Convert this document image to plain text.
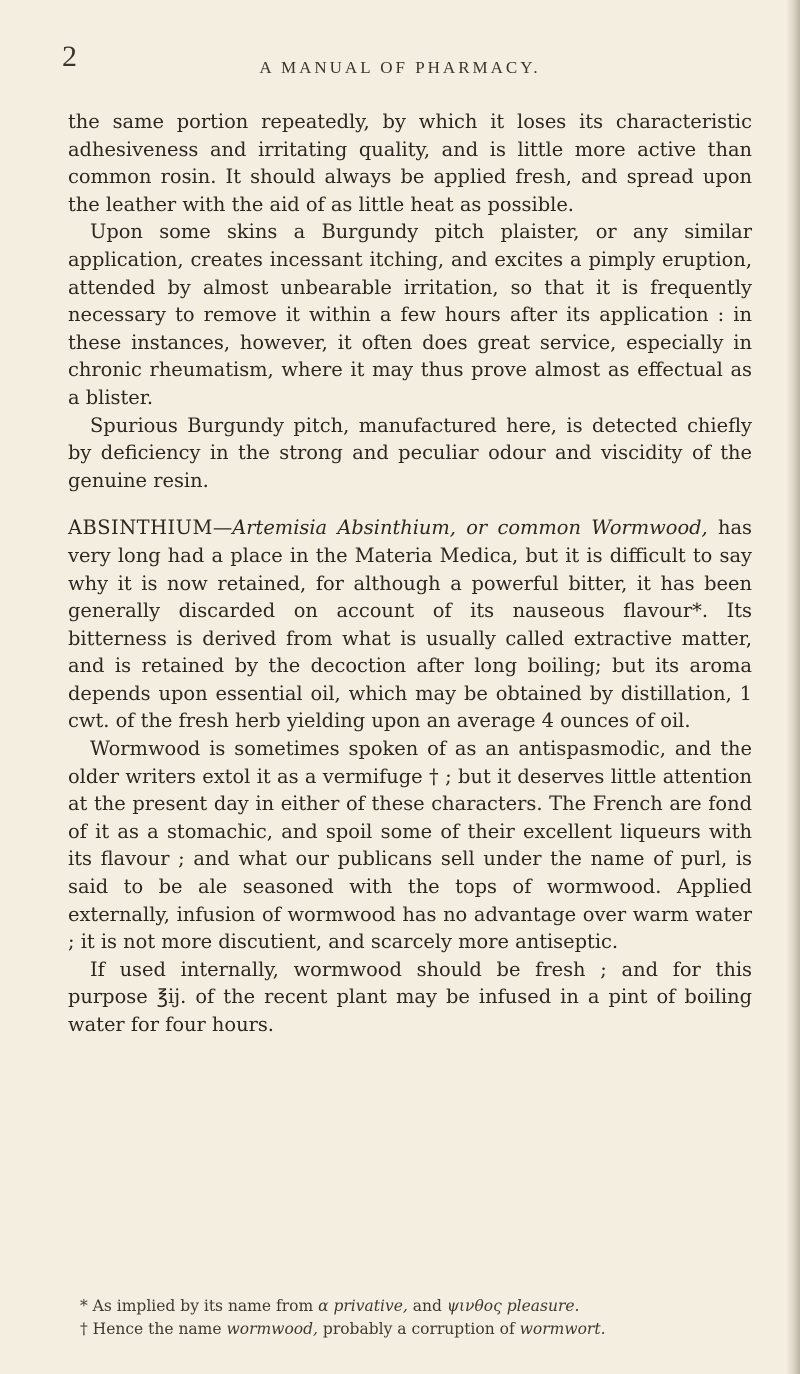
2	A MANUAL OF PHARMACY.

the same portion repeatedly, by which it loses its characteristic adhesiveness and irritating quality, and is little more active than common rosin. It should always be applied fresh, and spread upon the leather with the aid of as little heat as possible.

Upon some skins a Burgundy pitch plaister, or any similar application, creates incessant itching, and excites a pimply eruption, attended by almost unbearable irritation, so that it is frequently necessary to remove it within a few hours after its application : in these instances, however, it often does great service, especially in chronic rheumatism, where it may thus prove almost as effectual as a blister.

Spurious Burgundy pitch, manufactured here, is detected chiefly by deficiency in the strong and peculiar odour and viscidity of the genuine resin.

ABSINTHIUM—Artemisia Absinthium, or common Wormwood, has very long had a place in the Materia Medica, but it is difficult to say why it is now retained, for although a powerful bitter, it has been generally discarded on account of its nauseous flavour*. Its bitterness is derived from what is usually called extractive matter, and is retained by the decoction after long boiling; but its aroma depends upon essential oil, which may be obtained by distillation, 1 cwt. of the fresh herb yielding upon an average 4 ounces of oil.

Wormwood is sometimes spoken of as an antispasmodic, and the older writers extol it as a vermifuge † ; but it deserves little attention at the present day in either of these characters. The French are fond of it as a stomachic, and spoil some of their excellent liqueurs with its flavour ; and what our publicans sell under the name of purl, is said to be ale seasoned with the tops of wormwood. Applied externally, infusion of wormwood has no advantage over warm water ; it is not more discutient, and scarcely more antiseptic.

If used internally, wormwood should be fresh ; and for this purpose ℥ij. of the recent plant may be infused in a pint of boiling water for four hours.

* As implied by its name from α privative, and ψινθος pleasure.

† Hence the name wormwood, probably a corruption of wormwort.
